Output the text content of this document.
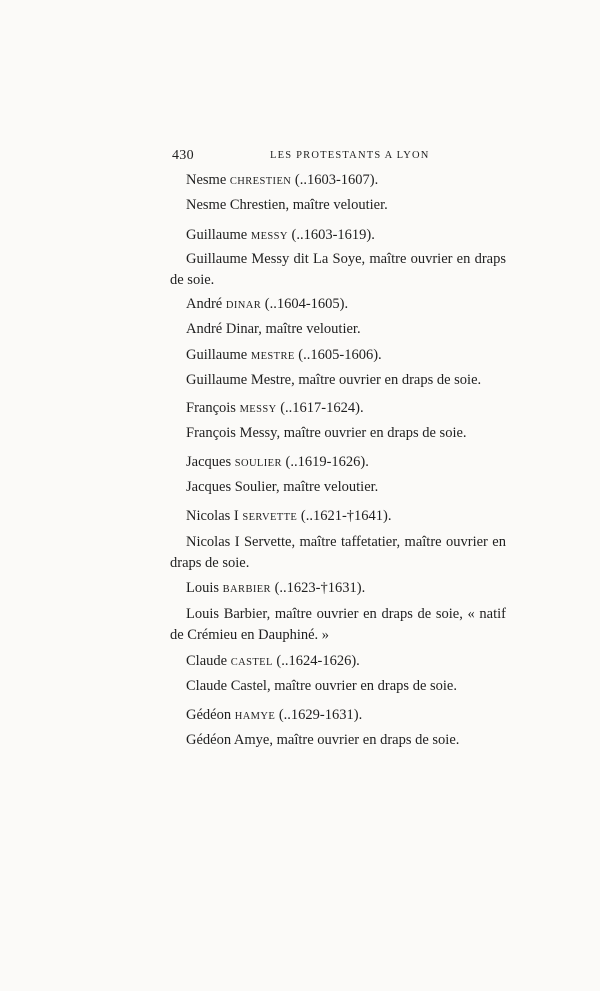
430	LES PROTESTANTS A LYON
Nesme CHRESTIEN (..1603-1607).
Nesme Chrestien, maître veloutier.
Guillaume MESSY (..1603-1619).
Guillaume Messy dit La Soye, maître ouvrier en draps de soie.
André DINAR (..1604-1605).
André Dinar, maître veloutier.
Guillaume MESTRE (..1605-1606).
Guillaume Mestre, maître ouvrier en draps de soie.
François MESSY (..1617-1624).
François Messy, maître ouvrier en draps de soie.
Jacques SOULIER (..1619-1626).
Jacques Soulier, maître veloutier.
Nicolas I SERVETTE (..1621-†1641).
Nicolas I Servette, maître taffetatier, maître ouvrier en draps de soie.
Louis BARBIER (..1623-†1631).
Louis Barbier, maître ouvrier en draps de soie, « natif de Crémieu en Dauphiné. »
Claude CASTEL (..1624-1626).
Claude Castel, maître ouvrier en draps de soie.
Gédéon HAMYE (..1629-1631).
Gédéon Amye, maître ouvrier en draps de soie.
